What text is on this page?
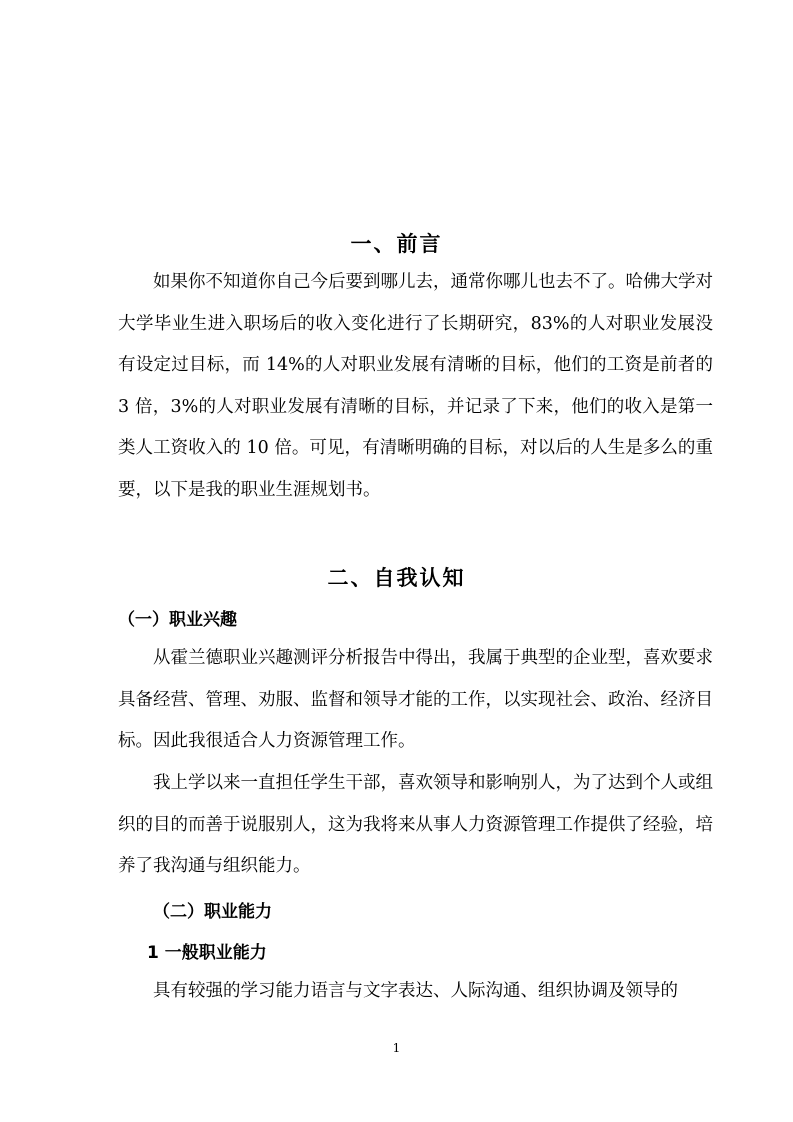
一、前言

如果你不知道你自己今后要到哪儿去，通常你哪儿也去不了。哈佛大学对大学毕业生进入职场后的收入变化进行了长期研究，83%的人对职业发展没有设定过目标，而 14%的人对职业发展有清晰的目标，他们的工资是前者的 3 倍，3%的人对职业发展有清晰的目标，并记录了下来，他们的收入是第一类人工资收入的 10 倍。可见，有清晰明确的目标，对以后的人生是多么的重要，以下是我的职业生涯规划书。

二、自我认知
（一）职业兴趣

从霍兰德职业兴趣测评分析报告中得出，我属于典型的企业型，喜欢要求具备经营、管理、劝服、监督和领导才能的工作，以实现社会、政治、经济目标。因此我很适合人力资源管理工作。

我上学以来一直担任学生干部，喜欢领导和影响别人，为了达到个人或组织的目的而善于说服别人，这为我将来从事人力资源管理工作提供了经验，培养了我沟通与组织能力。

（二）职业能力
1 一般职业能力

具有较强的学习能力语言与文字表达、人际沟通、组织协调及领导的

1
